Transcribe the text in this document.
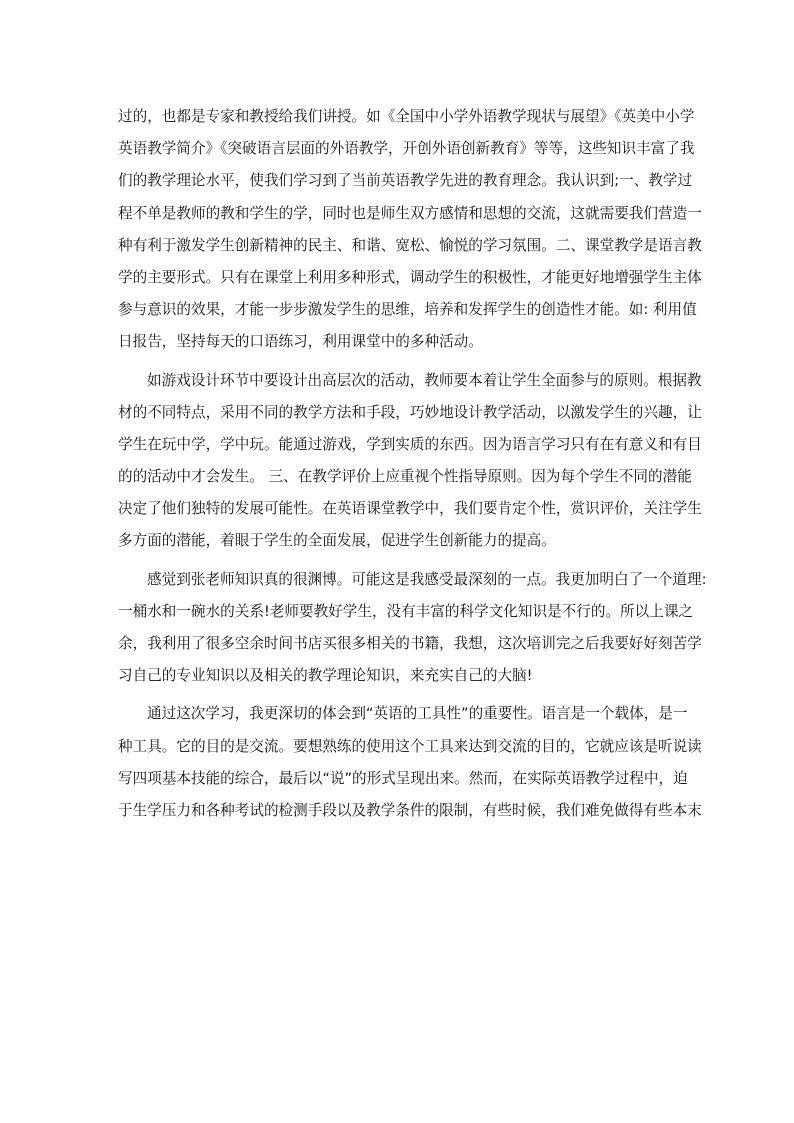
过的，也都是专家和教授给我们讲授。如《全国中小学外语教学现状与展望》《英美中小学
英语教学简介》《突破语言层面的外语教学，开创外语创新教育》等等，这些知识丰富了我
们的教学理论水平，使我们学习到了当前英语教学先进的教育理念。我认识到;一、教学过
程不单是教师的教和学生的学，同时也是师生双方感情和思想的交流，这就需要我们营造一
种有利于激发学生创新精神的民主、和谐、宽松、愉悦的学习氛围。二、课堂教学是语言教
学的主要形式。只有在课堂上利用多种形式，调动学生的积极性，才能更好地增强学生主体
参与意识的效果，才能一步步激发学生的思维，培养和发挥学生的创造性才能。如: 利用值
日报告，坚持每天的口语练习，利用课堂中的多种活动。
如游戏设计环节中要设计出高层次的活动，教师要本着让学生全面参与的原则。根据教
材的不同特点，采用不同的教学方法和手段，巧妙地设计教学活动，以激发学生的兴趣，让
学生在玩中学，学中玩。能通过游戏，学到实质的东西。因为语言学习只有在有意义和有目
的的活动中才会发生。 三、在教学评价上应重视个性指导原则。因为每个学生不同的潜能
决定了他们独特的发展可能性。在英语课堂教学中，我们要肯定个性，赏识评价，关注学生
多方面的潜能，着眼于学生的全面发展，促进学生创新能力的提高。
感觉到张老师知识真的很渊博。可能这是我感受最深刻的一点。我更加明白了一个道理:
一桶水和一碗水的关系!老师要教好学生，没有丰富的科学文化知识是不行的。所以上课之
余，我利用了很多空余时间书店买很多相关的书籍，我想，这次培训完之后我要好好刻苦学
习自己的专业知识以及相关的教学理论知识，来充实自己的大脑!
通过这次学习，我更深切的体会到“英语的工具性”的重要性。语言是一个载体，是一
种工具。它的目的是交流。要想熟练的使用这个工具来达到交流的目的，它就应该是听说读
写四项基本技能的综合，最后以“说”的形式呈现出来。然而，在实际英语教学过程中，迫
于生学压力和各种考试的检测手段以及教学条件的限制，有些时候，我们难免做得有些本末
